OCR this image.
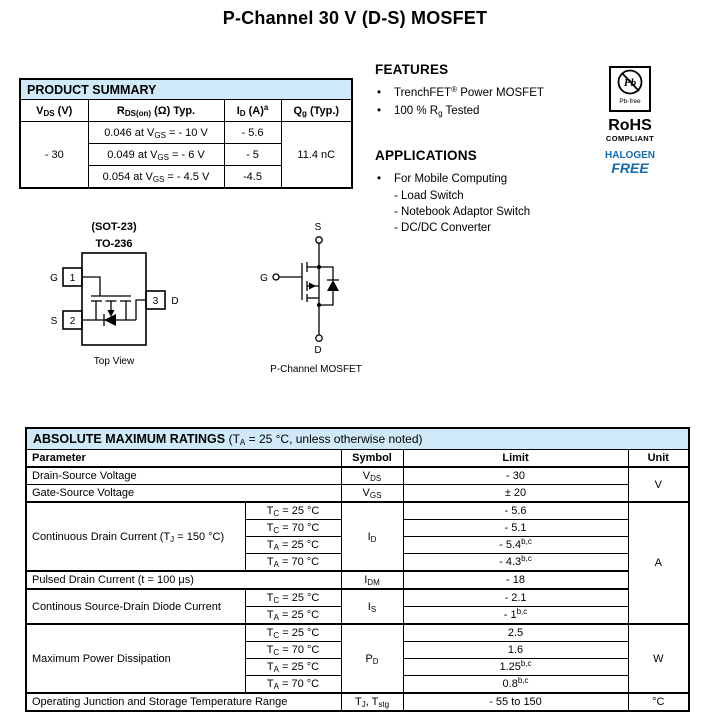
P-Channel 30 V (D-S) MOSFET
PRODUCT SUMMARY			
$V_{DS}$ (V)	$R_{DS(on)}$ (Ω) Typ.	$I_D$ $(A)^a$	$Q_g$ (Typ.)
- 30	0.046 at $V_{GS}$ = - 10 V	- 5.6	11.4 nC
	0.049 at $V_{GS}$ = - 6 V	- 5	
	0.054 at $V_{GS}$ = - 4.5 V	-4.5	
FEATURES
• TrenchFET® Power MOSFET
• 100 % $R_g$ Tested
Pb
Pb-free
RoHS
COMPLIANT
HALOGEN
FREE
APPLICATIONS
• For Mobile Computing
- Load Switch
- Notebook Adaptor Switch
- DC/DC Converter
(SOT-23)
TO-236
G
S
D
1
2
3
Top View
S
G
D
P-Channel MOSFET
ABSOLUTE MAXIMUM RATINGS ($T_A = 25$ °C, unless otherwise noted)				
Parameter		Symbol	Limit	Unit
Drain-Source Voltage		$V_{DS}$	- 30	V
Gate-Source Voltage		$V_{GS}$	± 20	
Continuous Drain Current ($T_J = 150$ °C)	$T_C = 25$ °C	$I_D$	- 5.6	A
	$T_C = 70$ °C		- 5.1	
	$T_A = 25$ °C		- 5.4$^{b,c}$
	$T_A = 70$ °C		- 4.3$^{b,c}$
Pulsed Drain Current (t = 100 μs)		$I_{DM}$	- 18	
Continous Source-Drain Diode Current	$T_C = 25$ °C	$I_S$	- 2.1	
	$T_A = 25$ °C		- 1$^{b,c}$
Maximum Power Dissipation	$T_C = 25$ °C	$P_D$	2.5	W
	$T_C = 70$ °C		1.6	
	$T_A = 25$ °C		1.25$^{b,c}$
	$T_A = 70$ °C		0.8$^{b,c}$
Operating Junction and Storage Temperature Range		$T_J$, $T_{stg}$	- 55 to 150	°C
